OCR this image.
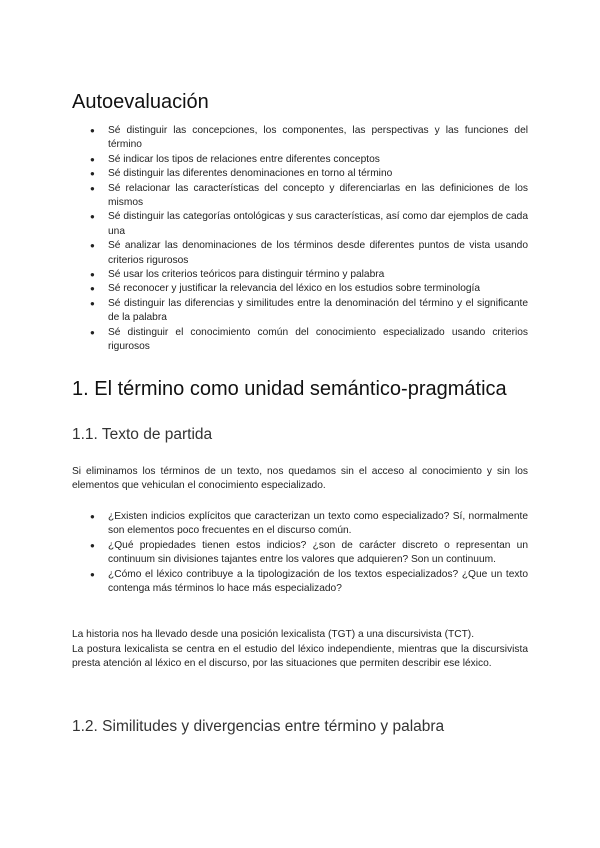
Autoevaluación
● Sé distinguir las concepciones, los componentes, las perspectivas y las funciones del término
● Sé indicar los tipos de relaciones entre diferentes conceptos
● Sé distinguir las diferentes denominaciones en torno al término
● Sé relacionar las características del concepto y diferenciarlas en las definiciones de los mismos
● Sé distinguir las categorías ontológicas y sus características, así como dar ejemplos de cada una
● Sé analizar las denominaciones de los términos desde diferentes puntos de vista usando criterios rigurosos
● Sé usar los criterios teóricos para distinguir término y palabra
● Sé reconocer y justificar la relevancia del léxico en los estudios sobre terminología
● Sé distinguir las diferencias y similitudes entre la denominación del término y el significante de la palabra
● Sé distinguir el conocimiento común del conocimiento especializado usando criterios rigurosos
1. El término como unidad semántico-pragmática
1.1. Texto de partida

Si eliminamos los términos de un texto, nos quedamos sin el acceso al conocimiento y sin los elementos que vehiculan el conocimiento especializado.

● ¿Existen indicios explícitos que caracterizan un texto como especializado? Sí, normalmente son elementos poco frecuentes en el discurso común.
● ¿Qué propiedades tienen estos indicios? ¿son de carácter discreto o representan un continuum sin divisiones tajantes entre los valores que adquieren? Son un continuum.
● ¿Cómo el léxico contribuye a la tipologización de los textos especializados? ¿Que un texto contenga más términos lo hace más especializado?

La historia nos ha llevado desde una posición lexicalista (TGT) a una discursivista (TCT).

La postura lexicalista se centra en el estudio del léxico independiente, mientras que la discursivista presta atención al léxico en el discurso, por las situaciones que permiten describir ese léxico.

1.2. Similitudes y divergencias entre término y palabra
